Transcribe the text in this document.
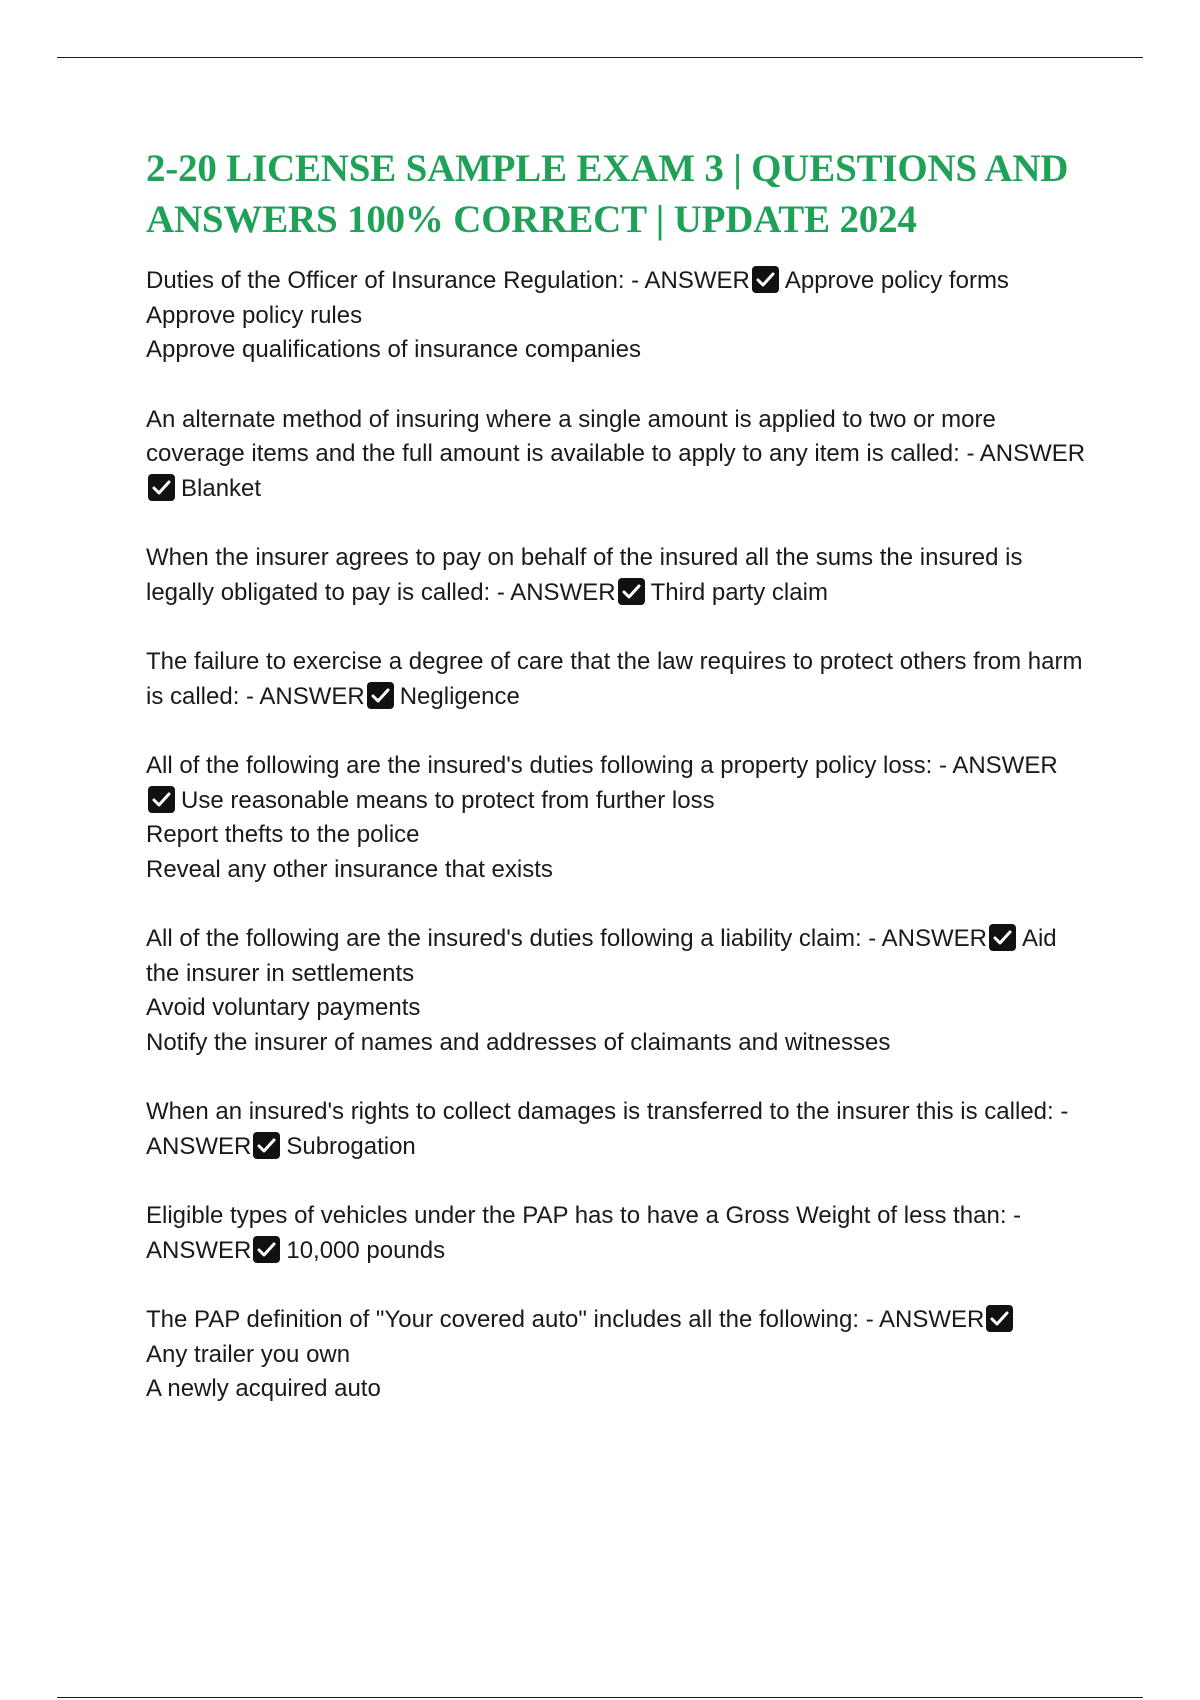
2-20 LICENSE SAMPLE EXAM 3 | QUESTIONS AND ANSWERS 100% CORRECT | UPDATE 2024
Duties of the Officer of Insurance Regulation: - ANSWER Approve policy forms
Approve policy rules
Approve qualifications of insurance companies
An alternate method of insuring where a single amount is applied to two or more coverage items and the full amount is available to apply to any item is called: - ANSWER
Blanket
When the insurer agrees to pay on behalf of the insured all the sums the insured is legally obligated to pay is called: - ANSWER Third party claim
The failure to exercise a degree of care that the law requires to protect others from harm is called: - ANSWER Negligence
All of the following are the insured's duties following a property policy loss: - ANSWER
Use reasonable means to protect from further loss
Report thefts to the police
Reveal any other insurance that exists
All of the following are the insured's duties following a liability claim: - ANSWER Aid the insurer in settlements
Avoid voluntary payments
Notify the insurer of names and addresses of claimants and witnesses
When an insured's rights to collect damages is transferred to the insurer this is called: - ANSWER Subrogation
Eligible types of vehicles under the PAP has to have a Gross Weight of less than: - ANSWER 10,000 pounds
The PAP definition of "Your covered auto" includes all the following: - ANSWER
Any trailer you own
A newly acquired auto
